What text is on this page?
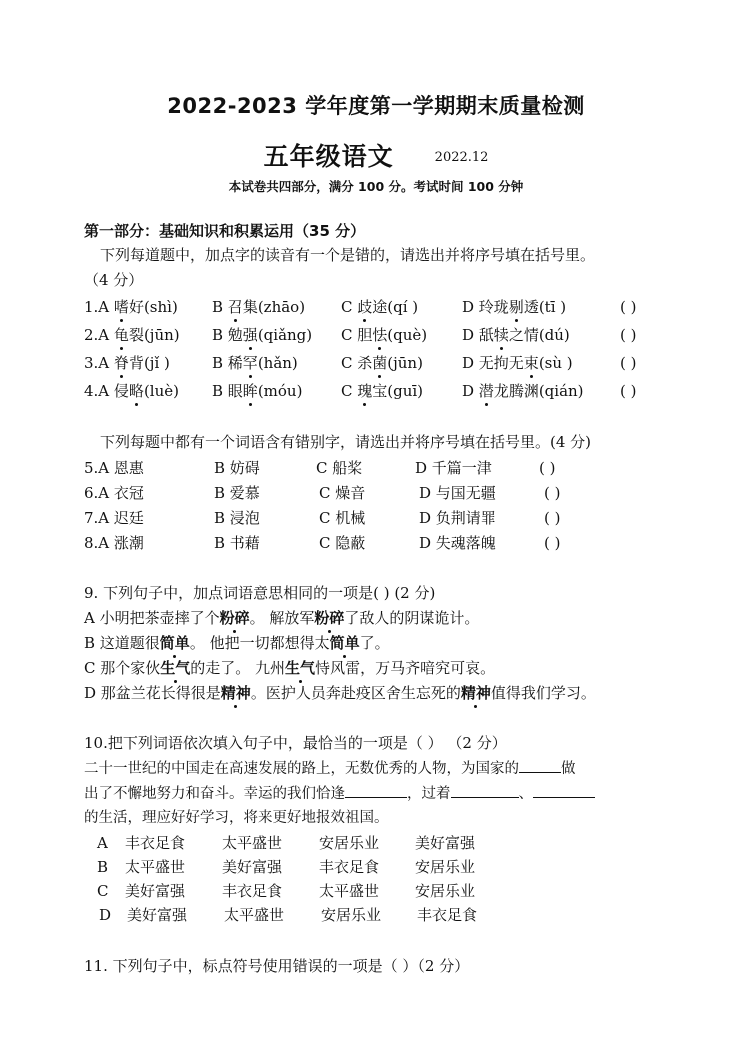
2022-2023 学年度第一学期期末质量检测
五年级语文	$^{2022.12}$
本试卷共四部分，满分 100 分。考试时间 100 分钟
第一部分：基础知识和积累运用（35 分）
下列每道题中，加点字的读音有一个是错的，请选出并将序号填在括号里。
（4 分）
1.A 嗜好(shì) B 召集(zhāo) C 歧途(qí )	D 玲珑剔透(tī )	( )
2.A 龟裂(jūn) B 勉强(qiǎng) C 胆怯(què) D 舐犊之情(dú)	( )
3.A 脊背(jǐ )	B 稀罕(hǎn)	C 杀菌(jūn)	D 无拘无束(sù )	( )
4.A 侵略(luè) B 眼眸(móu)	C 瑰宝(guī)	D 潜龙腾渊(qián) ( )
下列每题中都有一个词语含有错别字，请选出并将序号填在括号里。(4 分)
5.A 恩惠	B 妨碍	C 船桨	D 千篇一津	( )
6.A 衣冠	B 爱慕	C 燥音	D 与国无疆	( )
7.A 迟廷	B 浸泡	C 机械	D 负荆请罪	( )
8.A 涨潮	B 书藉	C 隐蔽	D 失魂落魄	( )
9. 下列句子中，加点词语意思相同的一项是( ) (2 分)
A 小明把茶壶摔了个粉碎。 解放军粉碎了敌人的阴谋诡计。
B 这道题很简单。 他把一切都想得太简单了。
C 那个家伙生气的走了。 九州生气恃风雷，万马齐喑究可哀。
D 那盆兰花长得很是精神。医护人员奔赴疫区舍生忘死的精神值得我们学习。
10.把下列词语依次填入句子中，最恰当的一项是（ ） （2 分）
二十一世纪的中国走在高速发展的路上，无数优秀的人物，为国家的	做
出了不懈地努力和奋斗。幸运的我们恰逢	，过着	、
的生活，理应好好学习，将来更好地报效祖国。
A 丰衣足食 太平盛世 安居乐业 美好富强
B 太平盛世 美好富强 丰衣足食 安居乐业
C 美好富强 丰衣足食 太平盛世 安居乐业
D 美好富强 太平盛世 安居乐业 丰衣足食
11. 下列句子中，标点符号使用错误的一项是（ ）（2 分）
